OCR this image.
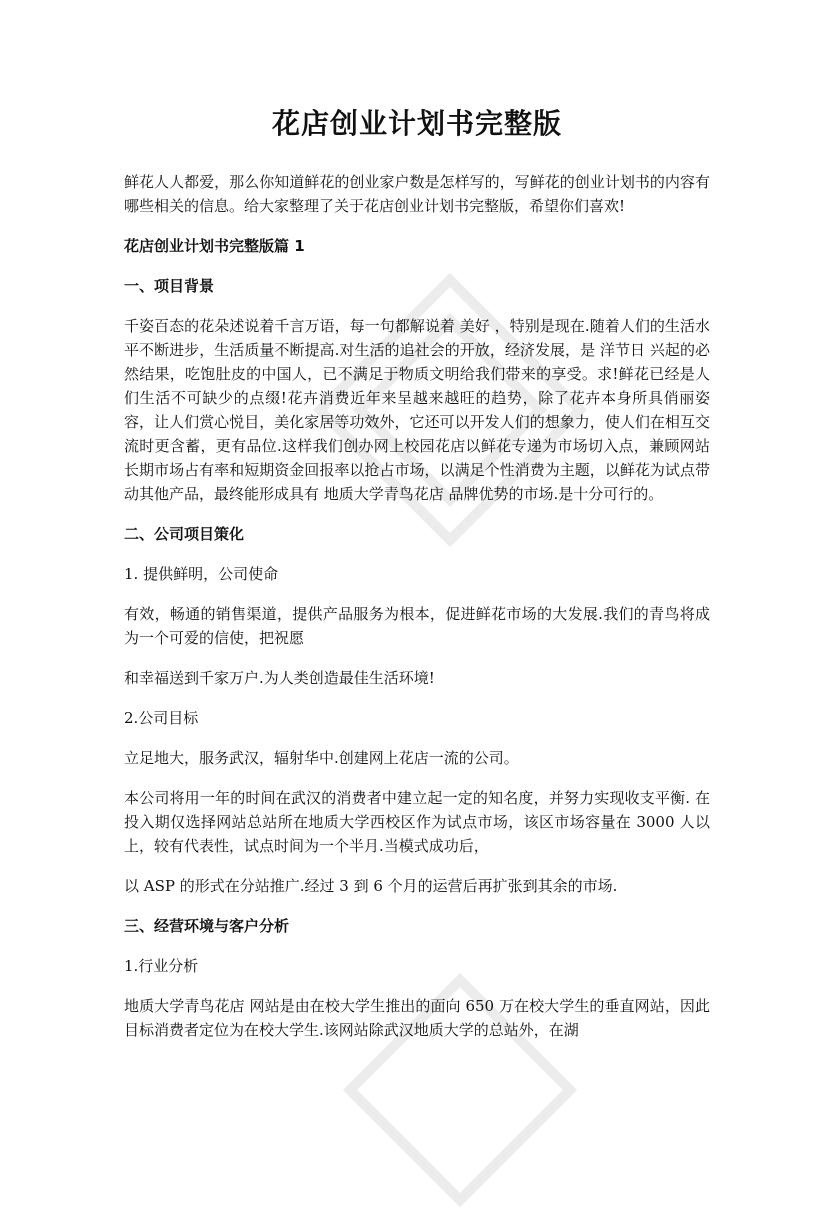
花店创业计划书完整版

鲜花人人都爱，那么你知道鲜花的创业家户数是怎样写的，写鲜花的创业计划书的内容有哪些相关的信息。给大家整理了关于花店创业计划书完整版，希望你们喜欢!

花店创业计划书完整版篇 1

一、项目背景

千姿百态的花朵述说着千言万语，每一句都解说着 美好 ，特别是现在.随着人们的生活水平不断进步，生活质量不断提高.对生活的追社会的开放，经济发展，是 洋节日 兴起的必然结果，吃饱肚皮的中国人，已不满足于物质文明给我们带来的享受。求!鲜花已经是人们生活不可缺少的点缀!花卉消费近年来呈越来越旺的趋势，除了花卉本身所具俏丽姿容，让人们赏心悦目，美化家居等功效外，它还可以开发人们的想象力，使人们在相互交流时更含蓄，更有品位.这样我们创办网上校园花店以鲜花专递为市场切入点，兼顾网站长期市场占有率和短期资金回报率以抢占市场，以满足个性消费为主题，以鲜花为试点带动其他产品，最终能形成具有 地质大学青鸟花店 品牌优势的市场.是十分可行的。

二、公司项目策化

1. 提供鲜明，公司使命

有效，畅通的销售渠道，提供产品服务为根本，促进鲜花市场的大发展.我们的青鸟将成为一个可爱的信使，把祝愿

和幸福送到千家万户.为人类创造最佳生活环境!

2.公司目标

立足地大，服务武汉，辐射华中.创建网上花店一流的公司。

本公司将用一年的时间在武汉的消费者中建立起一定的知名度，并努力实现收支平衡. 在投入期仅选择网站总站所在地质大学西校区作为试点市场，该区市场容量在 3000 人以上，较有代表性，试点时间为一个半月.当模式成功后，

以 ASP 的形式在分站推广.经过 3 到 6 个月的运营后再扩张到其余的市场.

三、经营环境与客户分析

1.行业分析

地质大学青鸟花店 网站是由在校大学生推出的面向 650 万在校大学生的垂直网站，因此目标消费者定位为在校大学生.该网站除武汉地质大学的总站外，在湖
